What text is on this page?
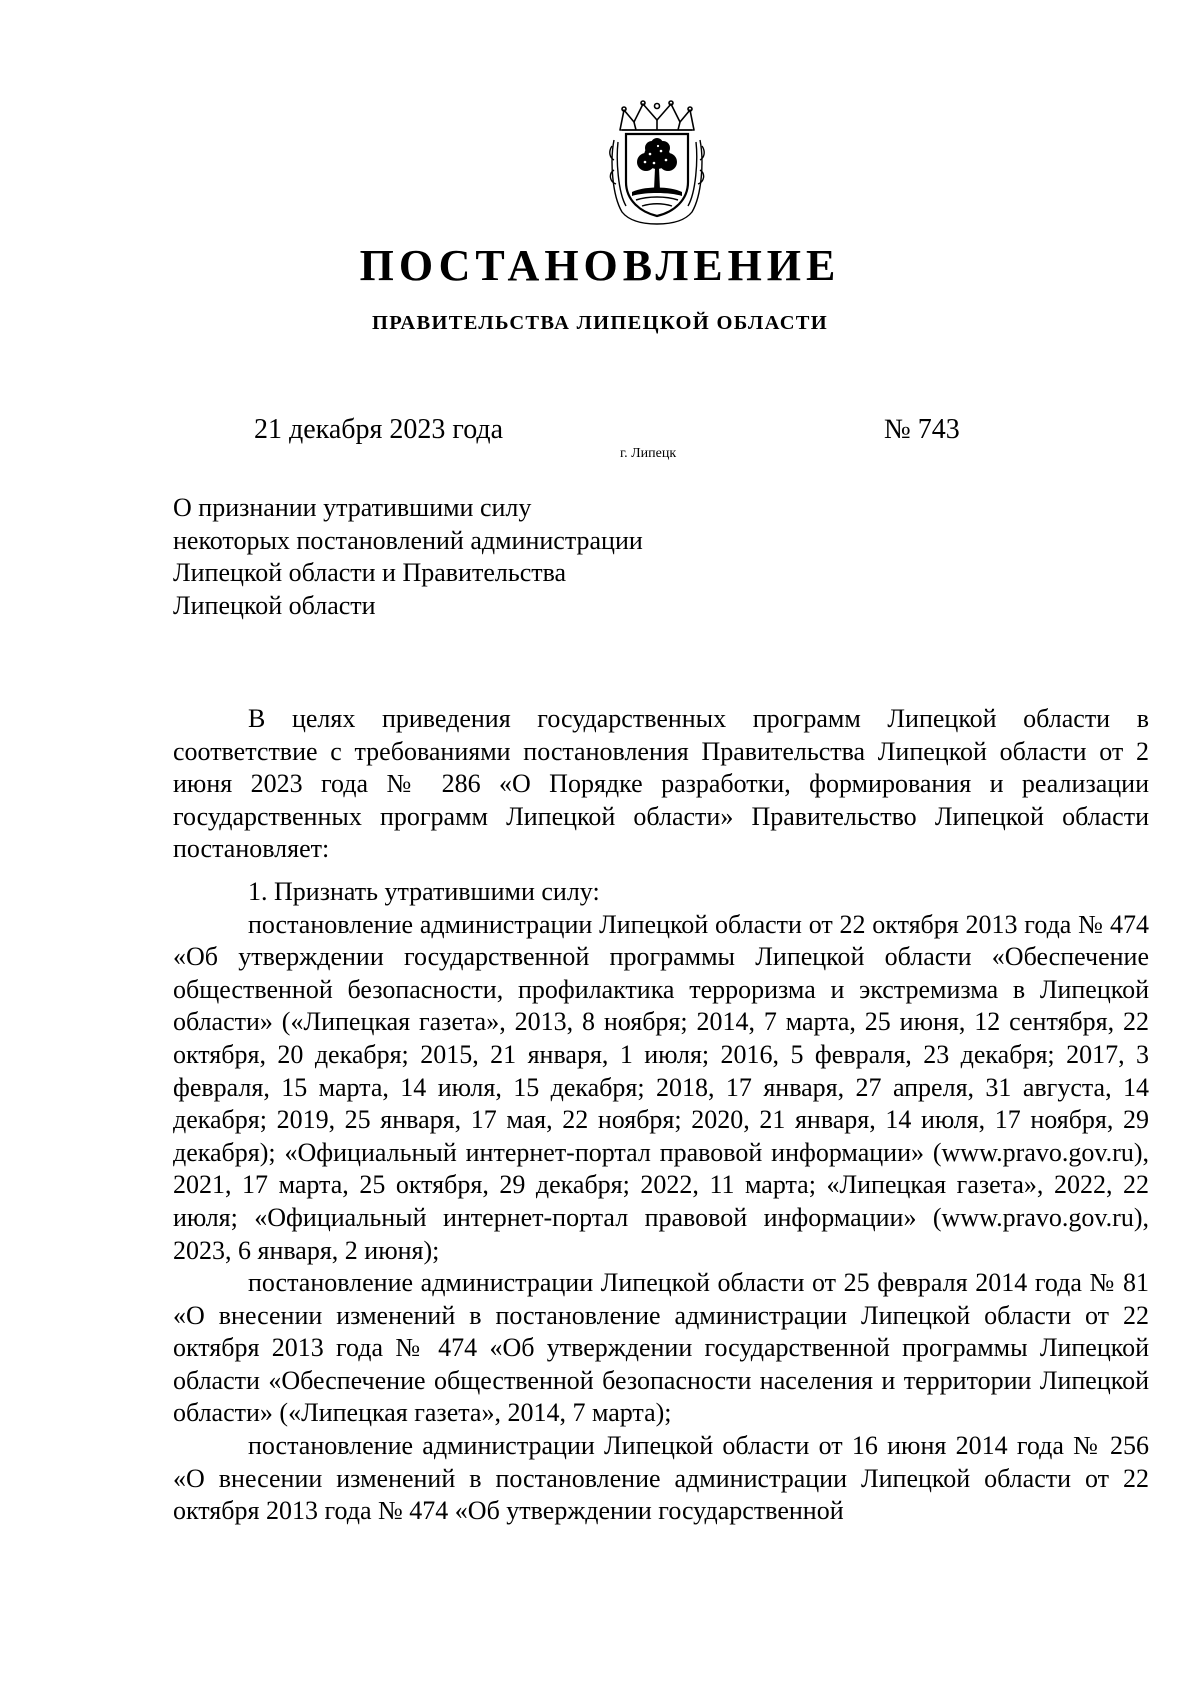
ПОСТАНОВЛЕНИЕ
ПРАВИТЕЛЬСТВА ЛИПЕЦКОЙ ОБЛАСТИ
21 декабря 2023 года
г. Липецк
№ 743
О признании утратившими силу
некоторых постановлений администрации
Липецкой области и Правительства
Липецкой области

В целях приведения государственных программ Липецкой области в соответствие с требованиями постановления Правительства Липецкой области от 2 июня 2023 года № 286 «О Порядке разработки, формирования и реализации государственных программ Липецкой области» Правительство Липецкой области постановляет:

1. Признать утратившими силу:

постановление администрации Липецкой области от 22 октября 2013 года № 474 «Об утверждении государственной программы Липецкой области «Обеспечение общественной безопасности, профилактика терроризма и экстремизма в Липецкой области» («Липецкая газета», 2013, 8 ноября; 2014, 7 марта, 25 июня, 12 сентября, 22 октября, 20 декабря; 2015, 21 января, 1 июля; 2016, 5 февраля, 23 декабря; 2017, 3 февраля, 15 марта, 14 июля, 15 декабря; 2018, 17 января, 27 апреля, 31 августа, 14 декабря; 2019, 25 января, 17 мая, 22 ноября; 2020, 21 января, 14 июля, 17 ноября, 29 декабря); «Официальный интернет-портал правовой информации» (www.pravo.gov.ru), 2021, 17 марта, 25 октября, 29 декабря; 2022, 11 марта; «Липецкая газета», 2022, 22 июля; «Официальный интернет-портал правовой информации» (www.pravo.gov.ru), 2023, 6 января, 2 июня);

постановление администрации Липецкой области от 25 февраля 2014 года № 81 «О внесении изменений в постановление администрации Липецкой области от 22 октября 2013 года № 474 «Об утверждении государственной программы Липецкой области «Обеспечение общественной безопасности населения и территории Липецкой области» («Липецкая газета», 2014, 7 марта);

постановление администрации Липецкой области от 16 июня 2014 года № 256 «О внесении изменений в постановление администрации Липецкой области от 22 октября 2013 года № 474 «Об утверждении государственной
